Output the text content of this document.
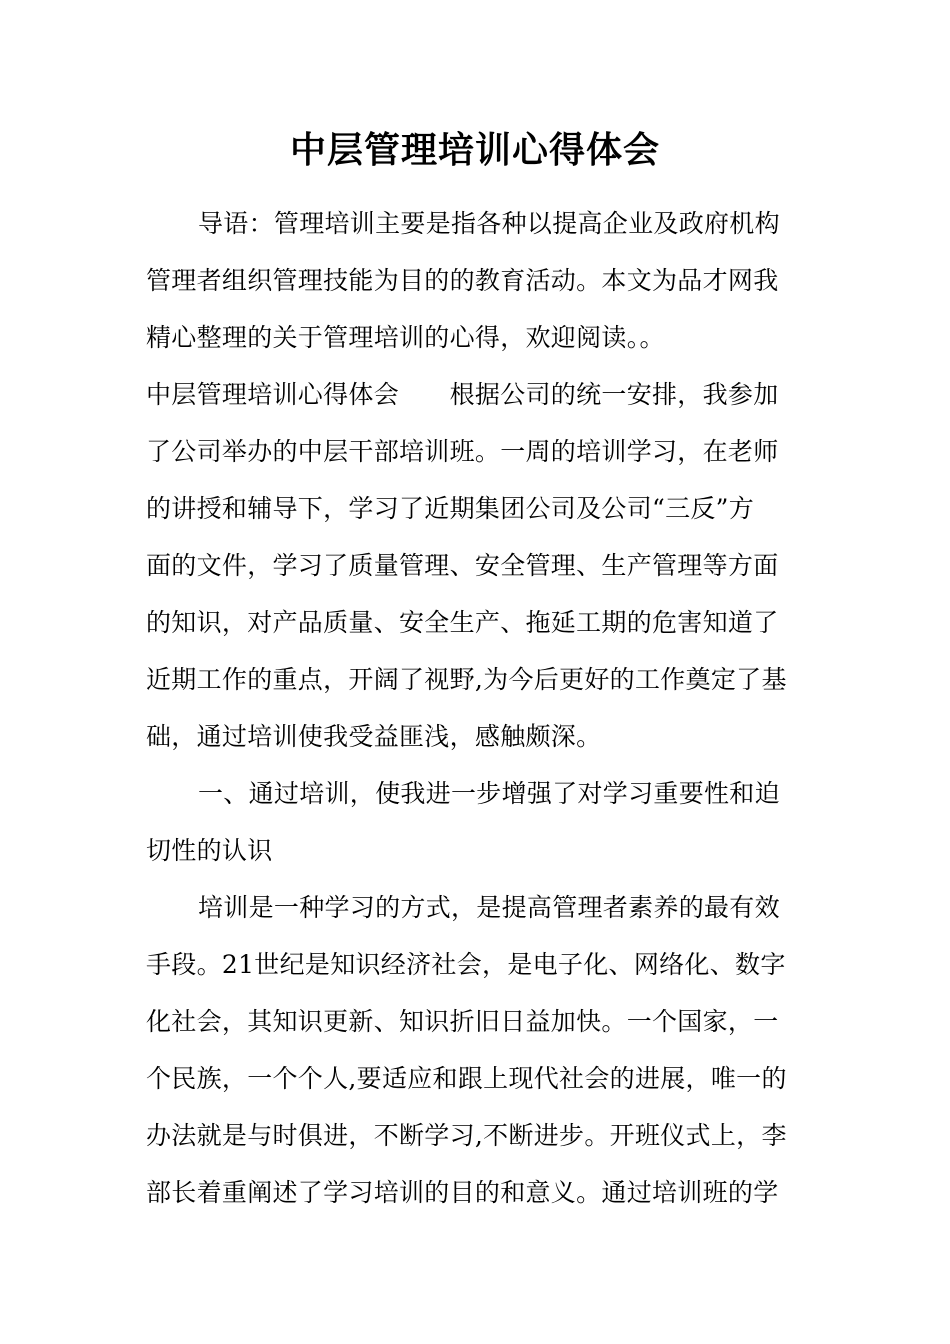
中层管理培训心得体会
导语：管理培训主要是指各种以提高企业及政府机构
管理者组织管理技能为目的的教育活动。本文为品才网我
精心整理的关于管理培训的心得，欢迎阅读。。
中层管理培训心得体会　　根据公司的统一安排，我参加
了公司举办的中层干部培训班。一周的培训学习，在老师
的讲授和辅导下，学习了近期集团公司及公司“三反”方
面的文件，学习了质量管理、安全管理、生产管理等方面
的知识，对产品质量、安全生产、拖延工期的危害知道了
近期工作的重点，开阔了视野,为今后更好的工作奠定了基
础，通过培训使我受益匪浅，感触颇深。
一、通过培训，使我进一步增强了对学习重要性和迫
切性的认识
培训是一种学习的方式，是提高管理者素养的最有效
手段。21世纪是知识经济社会，是电子化、网络化、数字
化社会，其知识更新、知识折旧日益加快。一个国家，一
个民族，一个个人,要适应和跟上现代社会的进展，唯一的
办法就是与时俱进，不断学习,不断进步。开班仪式上，李
部长着重阐述了学习培训的目的和意义。通过培训班的学
